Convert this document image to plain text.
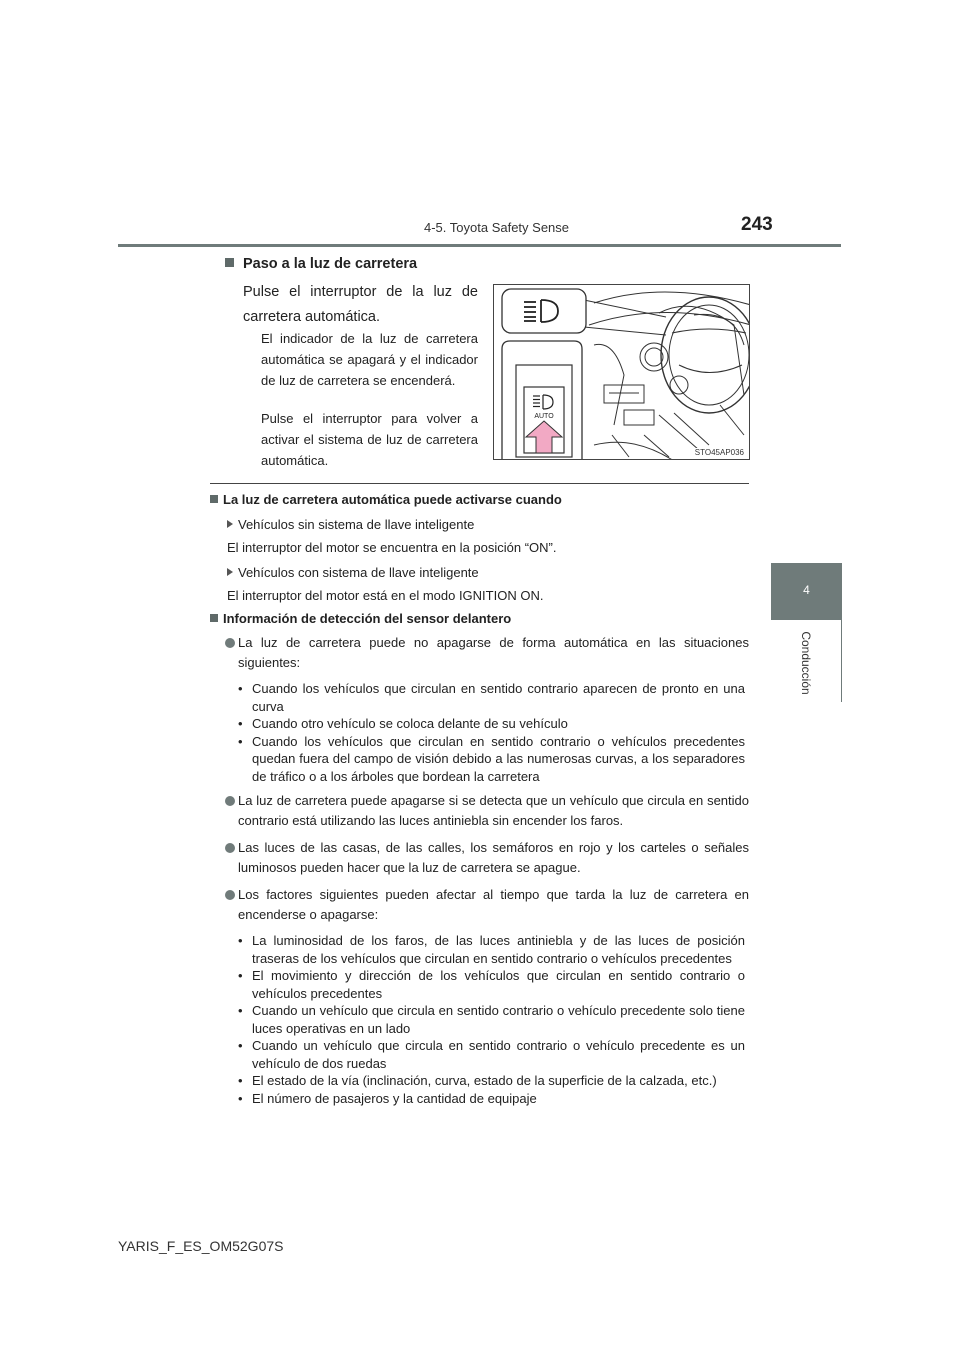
4-5. Toyota Safety Sense	243
4
Conducción
Paso a la luz de carretera
Pulse el interruptor de la luz de carretera automática.
El indicador de la luz de carretera automática se apagará y el indicador de luz de carretera se encenderá.
Pulse el interruptor para volver a activar el sistema de luz de carretera automática.
AUTO
STO45AP036
La luz de carretera automática puede activarse cuando
Vehículos sin sistema de llave inteligente
El interruptor del motor se encuentra en la posición “ON”.
Vehículos con sistema de llave inteligente
El interruptor del motor está en el modo IGNITION ON.
Información de detección del sensor delantero
La luz de carretera puede no apagarse de forma automática en las situaciones siguientes:
• Cuando los vehículos que circulan en sentido contrario aparecen de pronto en una curva
• Cuando otro vehículo se coloca delante de su vehículo
• Cuando los vehículos que circulan en sentido contrario o vehículos precedentes quedan fuera del campo de visión debido a las numerosas curvas, a los separadores de tráfico o a los árboles que bordean la carretera
La luz de carretera puede apagarse si se detecta que un vehículo que circula en sentido contrario está utilizando las luces antiniebla sin encender los faros.
Las luces de las casas, de las calles, los semáforos en rojo y los carteles o señales luminosos pueden hacer que la luz de carretera se apague.
Los factores siguientes pueden afectar al tiempo que tarda la luz de carretera en encenderse o apagarse:
• La luminosidad de los faros, de las luces antiniebla y de las luces de posición traseras de los vehículos que circulan en sentido contrario o vehículos precedentes
• El movimiento y dirección de los vehículos que circulan en sentido contrario o vehículos precedentes
• Cuando un vehículo que circula en sentido contrario o vehículo precedente solo tiene luces operativas en un lado
• Cuando un vehículo que circula en sentido contrario o vehículo precedente es un vehículo de dos ruedas
• El estado de la vía (inclinación, curva, estado de la superficie de la calzada, etc.)
• El número de pasajeros y la cantidad de equipaje
YARIS_F_ES_OM52G07S
